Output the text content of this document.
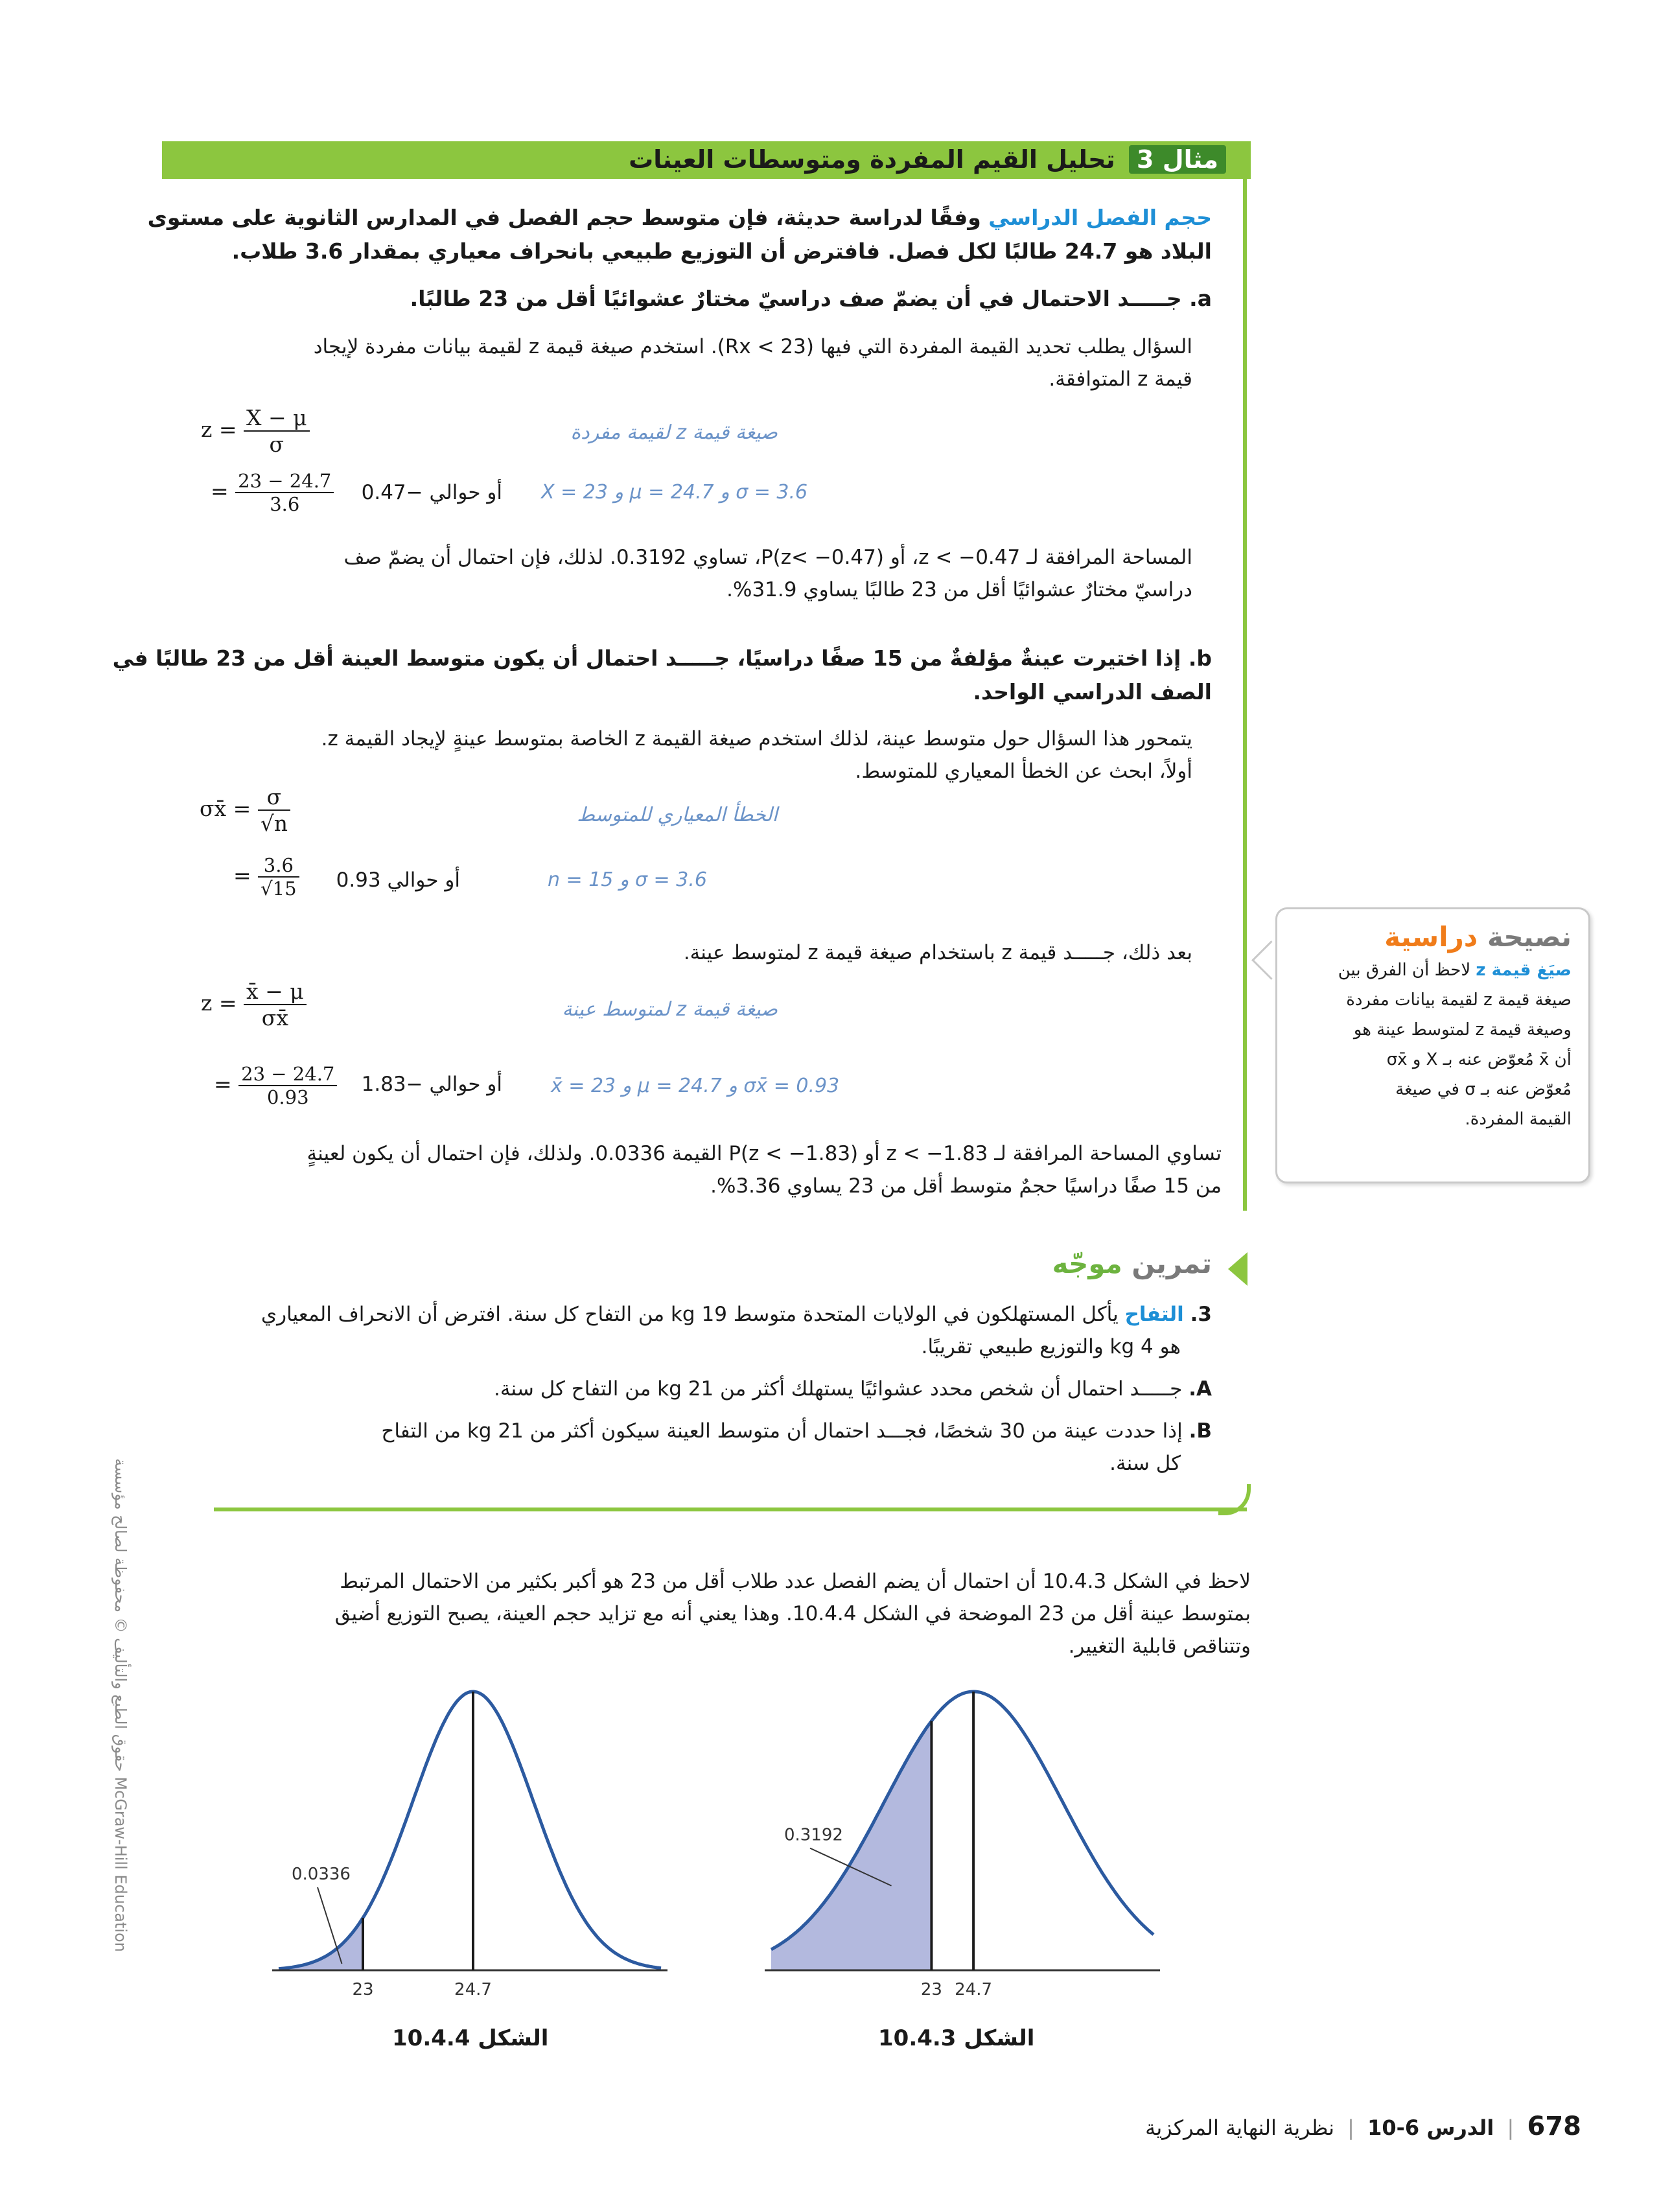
مثال 3 تحليل القيم المفردة ومتوسطات العينات
حجم الفصل الدراسي وفقًا لدراسة حديثة، فإن متوسط حجم الفصل في المدارس الثانوية على مستوى
البلاد هو 24.7 طالبًا لكل فصل. فافترض أن التوزيع طبيعي بانحراف معياري بمقدار 3.6 طلاب.
a. جـــــد الاحتمال في أن يضمّ صف دراسيّ مختارٌ عشوائيًا أقل من 23 طالبًا.
السؤال يطلب تحديد القيمة المفردة التي فيها (Rx < 23). استخدم صيغة قيمة z لقيمة بيانات مفردة لإيجاد
قيمة z المتوافقة.
$z = \frac{X - \mu}{\sigma}$	صيغة قيمة z لقيمة مفردة
= $\frac{23 - 24.7}{3.6}$ أو حوالي −0.47 X = 23 و μ = 24.7 و σ = 3.6
المساحة المرافقة لـ z < −0.47، أو P(z< −0.47)، تساوي 0.3192. لذلك، فإن احتمال أن يضمّ صف
دراسيّ مختارٌ عشوائيًا أقل من 23 طالبًا يساوي 31.9%.
b. إذا اختيرت عينةٌ مؤلفةٌ من 15 صفًا دراسيًا، جـــــد احتمال أن يكون متوسط العينة أقل من 23 طالبًا في
الصف الدراسي الواحد.
يتمحور هذا السؤال حول متوسط عينة، لذلك استخدم صيغة القيمة z الخاصة بمتوسط عينةٍ لإيجاد القيمة z.
أولاً، ابحث عن الخطأ المعياري للمتوسط.
σx̄ = $\frac{\sigma}{√n}$	الخطأ المعياري للمتوسط
= $\frac{3.6}{√15}$ أو حوالي 0.93	n = 15 و σ = 3.6
بعد ذلك، جـــــد قيمة z باستخدام صيغة قيمة z لمتوسط عينة.
$z = \frac{x̄ - \mu}{\sigma x̄}$	صيغة قيمة z لمتوسط عينة
= $\frac{23 - 24.7}{0.93}$ أو حوالي −1.83	x̄ = 23 و μ = 24.7 و σx̄ = 0.93
تساوي المساحة المرافقة لـ z < −1.83 أو P(z < −1.83) القيمة 0.0336. ولذلك، فإن احتمال أن يكون لعينةٍ
من 15 صفًا دراسيًا حجمٌ متوسط أقل من 23 يساوي 3.36%.
نصيحة دراسية
صيَغ قيمة z لاحظ أن الفرق بين
صيغة قيمة z لقيمة بيانات مفردة
وصيغة قيمة z لمتوسط عينة هو
أن x̄ مُعوّض عنه بـ X و σx̄
مُعوّض عنه بـ σ في صيغة
القيمة المفردة.
تمرين موجّه
3. التفاح يأكل المستهلكون في الولايات المتحدة متوسط 19 kg من التفاح كل سنة. افترض أن الانحراف المعياري
هو 4 kg والتوزيع طبيعي تقريبًا.
A. جـــــد احتمال أن شخص محدد عشوائيًا يستهلك أكثر من 21 kg من التفاح كل سنة.
B. إذا حددت عينة من 30 شخصًا، فجـــد احتمال أن متوسط العينة سيكون أكثر من 21 kg من التفاح
كل سنة.
لاحظ في الشكل 10.4.3 أن احتمال أن يضم الفصل عدد طلاب أقل من 23 هو أكبر بكثير من الاحتمال المرتبط
بمتوسط عينة أقل من 23 الموضحة في الشكل 10.4.4. وهذا يعني أنه مع تزايد حجم العينة، يصبح التوزيع أضيق
وتتناقص قابلية التغيير.
23	24.7
0.0336
23 24.7
0.3192
الشكل 10.4.4	الشكل 10.4.3
حقوق الطبع والتأليف © محفوظة لصالح مؤسسة McGraw-Hill Education
678 | الدرس 6-10 | نظرية النهاية المركزية
